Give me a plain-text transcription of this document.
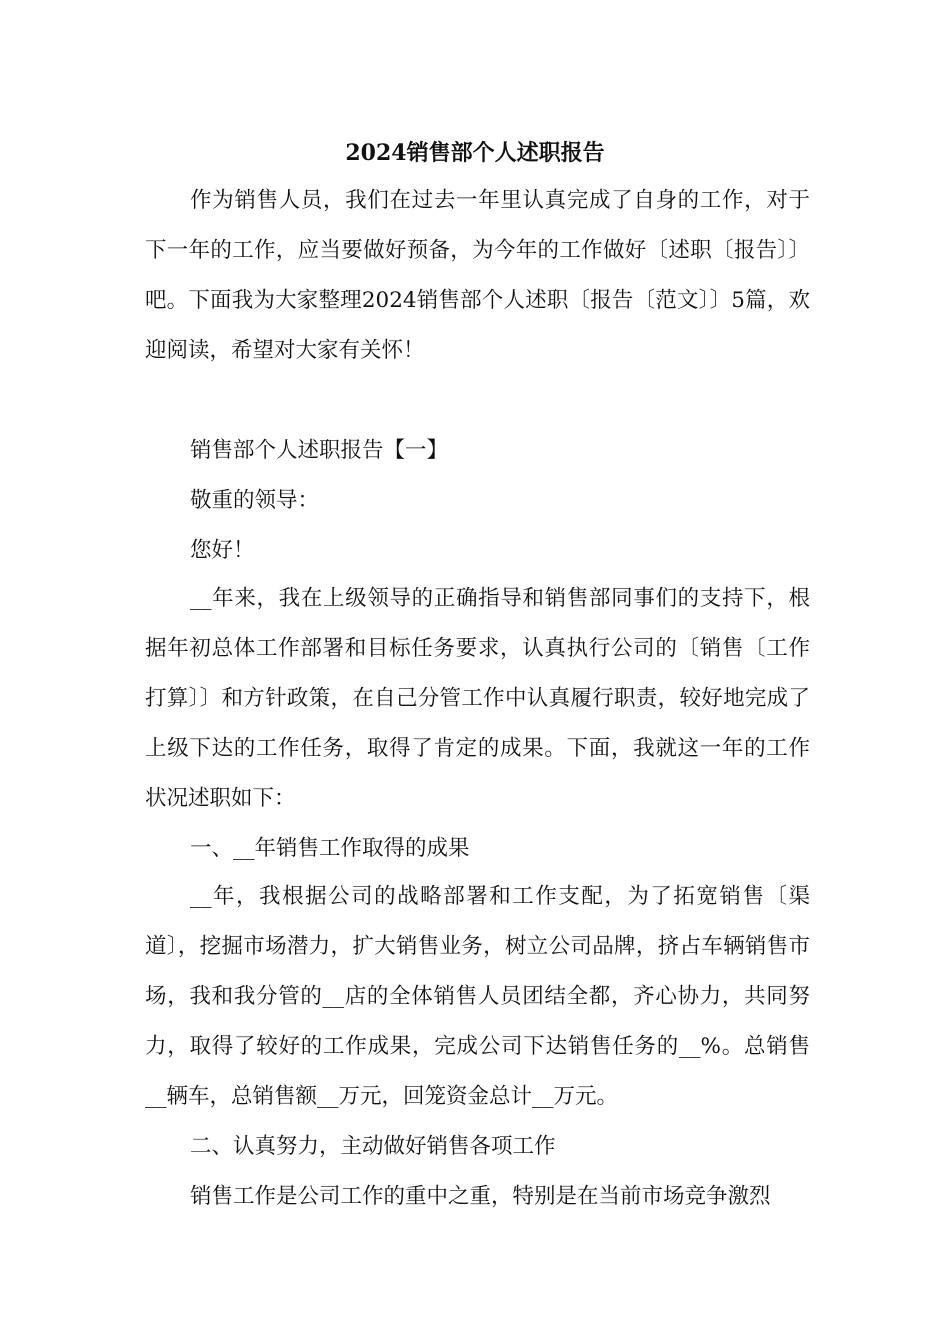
2024销售部个人述职报告

作为销售人员，我们在过去一年里认真完成了自身的工作，对于下一年的工作，应当要做好预备，为今年的工作做好〔述职〔报告〕〕吧。下面我为大家整理2024销售部个人述职〔报告〔范文〕〕5篇，欢迎阅读，希望对大家有关怀！

销售部个人述职报告【一】

敬重的领导：

您好！

__年来，我在上级领导的正确指导和销售部同事们的支持下，根据年初总体工作部署和目标任务要求，认真执行公司的〔销售〔工作打算〕〕和方针政策，在自己分管工作中认真履行职责，较好地完成了上级下达的工作任务，取得了肯定的成果。下面，我就这一年的工作状况述职如下：

一、__年销售工作取得的成果

__年，我根据公司的战略部署和工作支配，为了拓宽销售〔渠道〕，挖掘市场潜力，扩大销售业务，树立公司品牌，挤占车辆销售市场，我和我分管的__店的全体销售人员团结全都，齐心协力，共同努力，取得了较好的工作成果，完成公司下达销售任务的__%。总销售__辆车，总销售额__万元，回笼资金总计__万元。

二、认真努力，主动做好销售各项工作

销售工作是公司工作的重中之重，特别是在当前市场竞争激烈
